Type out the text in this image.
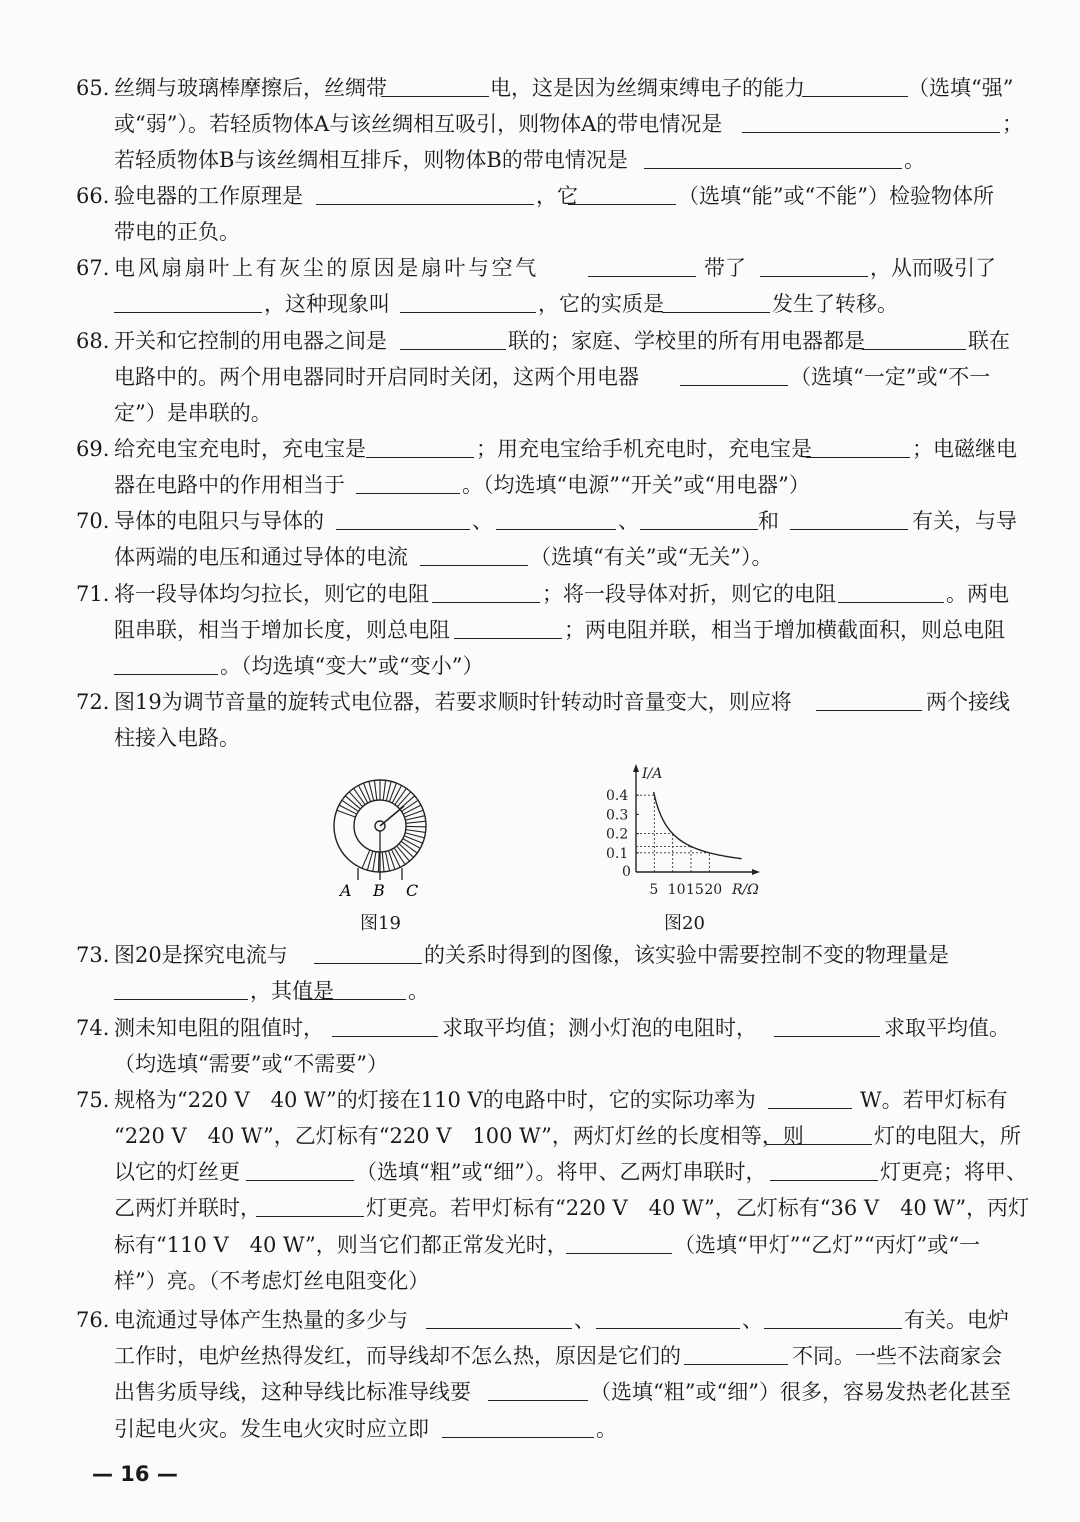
65. 丝绸与玻璃棒摩擦后，丝绸带	电，这是因为丝绸束缚电子的能力	（选填“强”
或“弱”）。若轻质物体A与该丝绸相互吸引，则物体A的带电情况是	；
若轻质物体B与该丝绸相互排斥，则物体B的带电情况是	。
66. 验电器的工作原理是	，它	（选填“能”或“不能”）检验物体所
带电的正负。
67. 电风扇扇叶上有灰尘的原因是扇叶与空气	带了	，从而吸引了
，这种现象叫	，它的实质是	发生了转移。
68. 开关和它控制的用电器之间是	联的；家庭、学校里的所有用电器都是	联在
电路中的。两个用电器同时开启同时关闭，这两个用电器	（选填“一定”或“不一
定”）是串联的。
69. 给充电宝充电时，充电宝是	；用充电宝给手机充电时，充电宝是	；电磁继电
器在电路中的作用相当于	。（均选填“电源”“开关”或“用电器”）
70. 导体的电阻只与导体的	、	、	和	有关，与导
体两端的电压和通过导体的电流	（选填“有关”或“无关”）。
71. 将一段导体均匀拉长，则它的电阻	；将一段导体对折，则它的电阻	。两电
阻串联，相当于增加长度，则总电阻	；两电阻并联，相当于增加横截面积，则总电阻
。（均选填“变大”或“变小”）
72. 图19为调节音量的旋转式电位器，若要求顺时针转动时音量变大，则应将	两个接线
柱接入电路。
A B C
图19
I/A
R/Ω
0
0.1
0.2
0.3
0.4
5 10 15 20
图20
73. 图20是探究电流与	的关系时得到的图像，该实验中需要控制不变的物理量是
，其值是	。
74. 测未知电阻的阻值时，	求取平均值；测小灯泡的电阻时，	求取平均值。
（均选填“需要”或“不需要”）
75. 规格为“220 V　40 W”的灯接在110 V的电路中时，它的实际功率为	W。若甲灯标有
“220 V　40 W”，乙灯标有“220 V　100 W”，两灯灯丝的长度相等，则	灯的电阻大，所
以它的灯丝更	（选填“粗”或“细”）。将甲、乙两灯串联时，	灯更亮；将甲、
乙两灯并联时，	灯更亮。若甲灯标有“220 V　40 W”，乙灯标有“36 V　40 W”，丙灯
标有“110 V　40 W”，则当它们都正常发光时，	（选填“甲灯”“乙灯”“丙灯”或“一
样”）亮。（不考虑灯丝电阻变化）
76. 电流通过导体产生热量的多少与	、	、	有关。电炉
工作时，电炉丝热得发红，而导线却不怎么热，原因是它们的	不同。一些不法商家会
出售劣质导线，这种导线比标准导线要	（选填“粗”或“细”）很多，容易发热老化甚至
引起电火灾。发生电火灾时应立即	。
— 16 —
